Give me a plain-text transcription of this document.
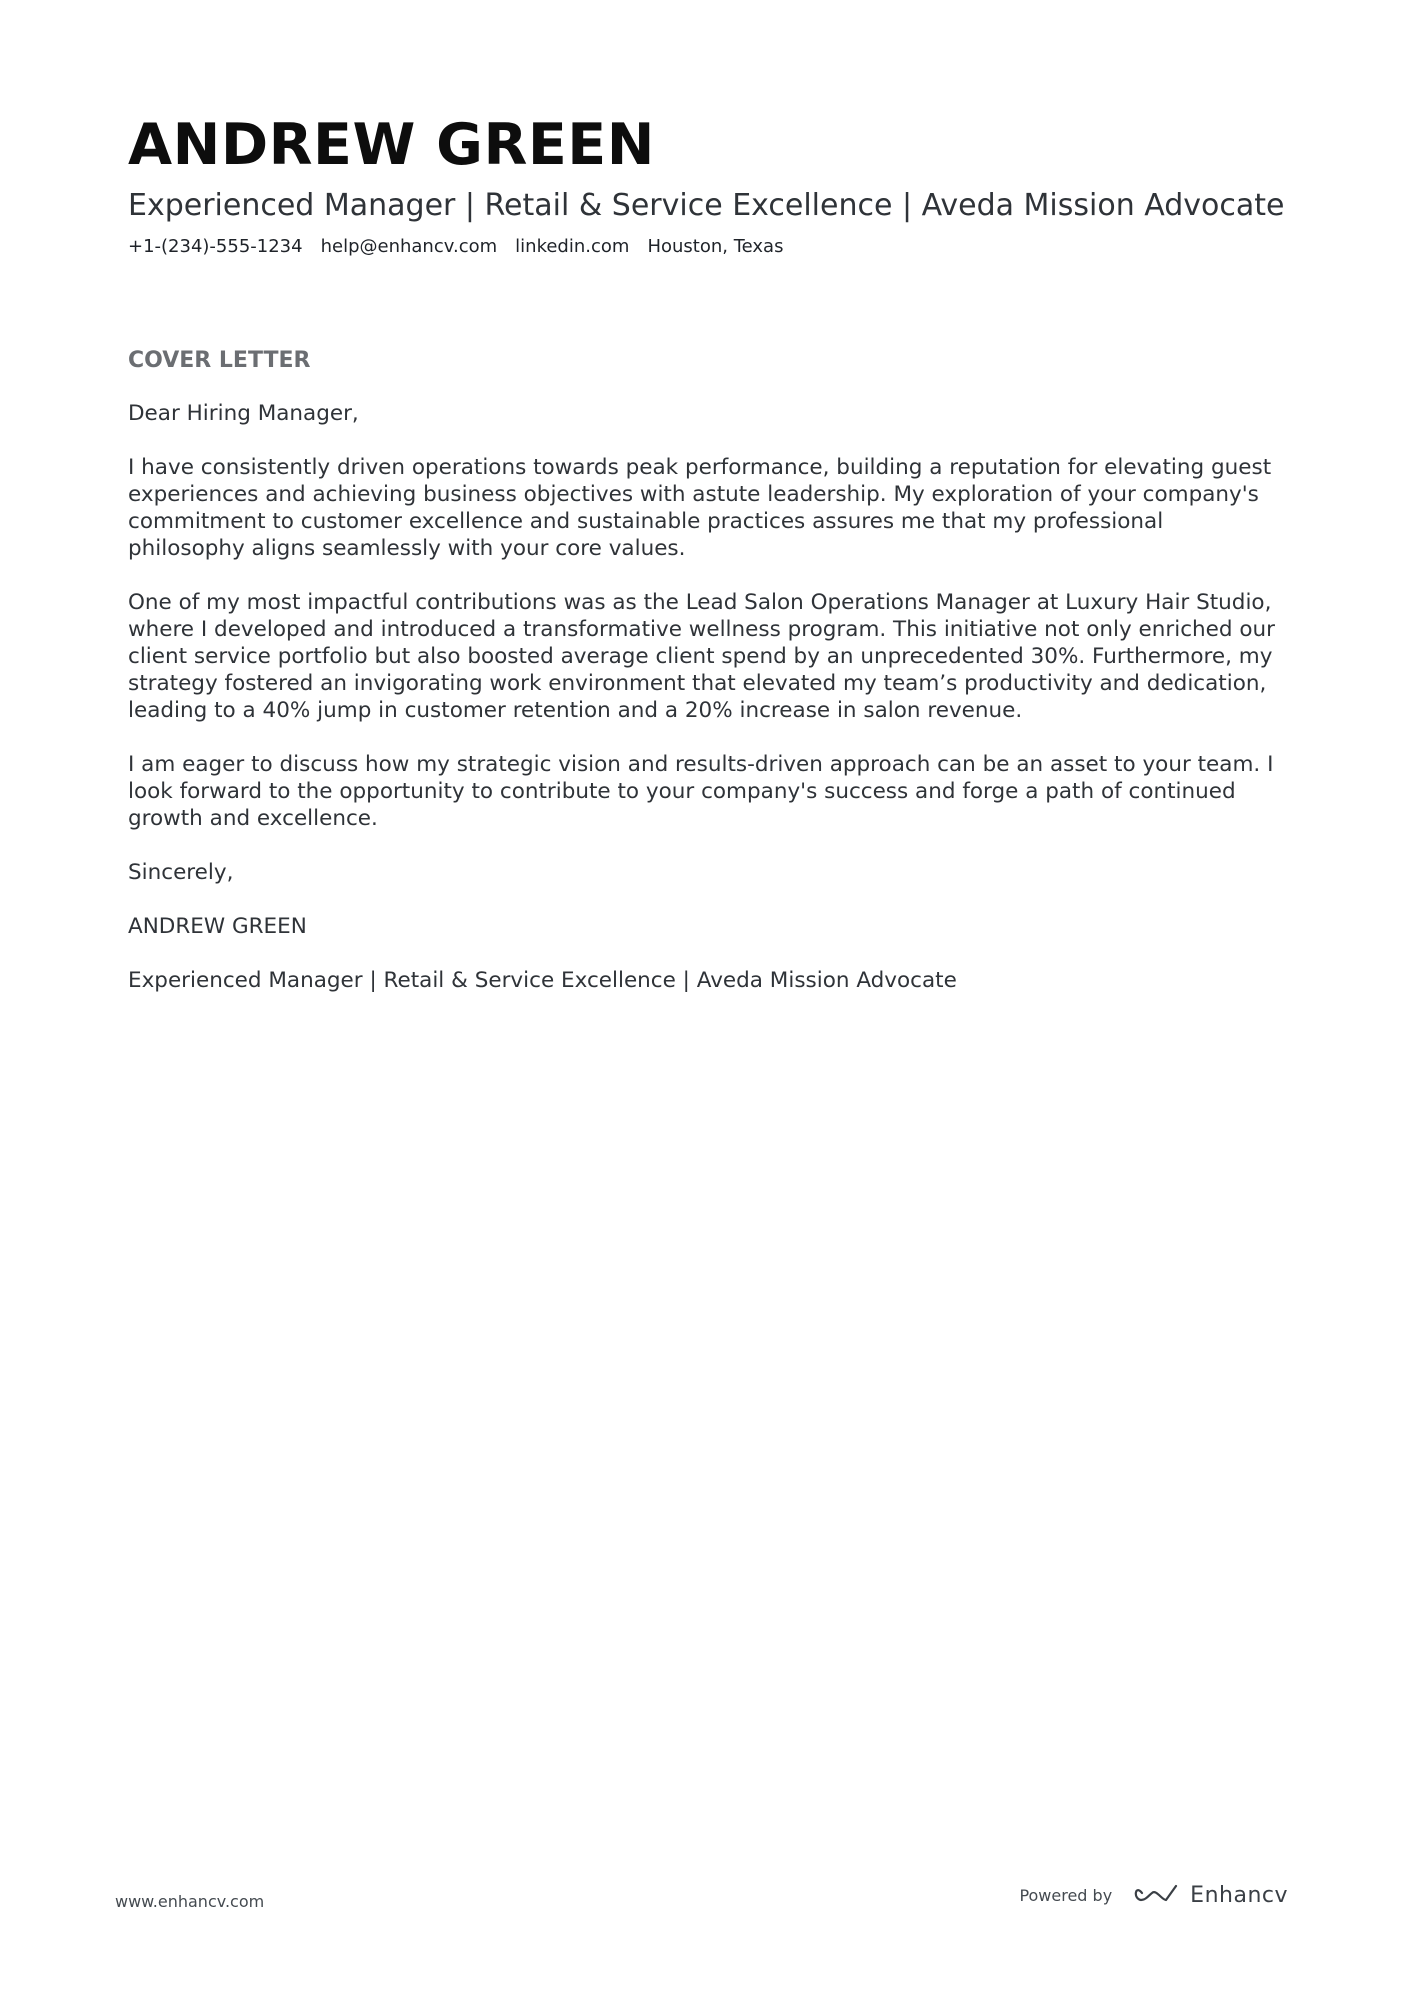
ANDREW GREEN
Experienced Manager | Retail & Service Excellence | Aveda Mission Advocate
+1-(234)-555-1234 help@enhancv.com linkedin.com Houston, Texas
COVER LETTER

Dear Hiring Manager,

I have consistently driven operations towards peak performance, building a reputation for elevating guest experiences and achieving business objectives with astute leadership. My exploration of your company's commitment to customer excellence and sustainable practices assures me that my professional philosophy aligns seamlessly with your core values.

One of my most impactful contributions was as the Lead Salon Operations Manager at Luxury Hair Studio, where I developed and introduced a transformative wellness program. This initiative not only enriched our client service portfolio but also boosted average client spend by an unprecedented 30%. Furthermore, my strategy fostered an invigorating work environment that elevated my team’s productivity and dedication, leading to a 40% jump in customer retention and a 20% increase in salon revenue.

I am eager to discuss how my strategic vision and results-driven approach can be an asset to your team. I look forward to the opportunity to contribute to your company's success and forge a path of continued growth and excellence.

Sincerely,

ANDREW GREEN

Experienced Manager | Retail & Service Excellence | Aveda Mission Advocate

www.enhancv.com	Powered by	Enhancv
